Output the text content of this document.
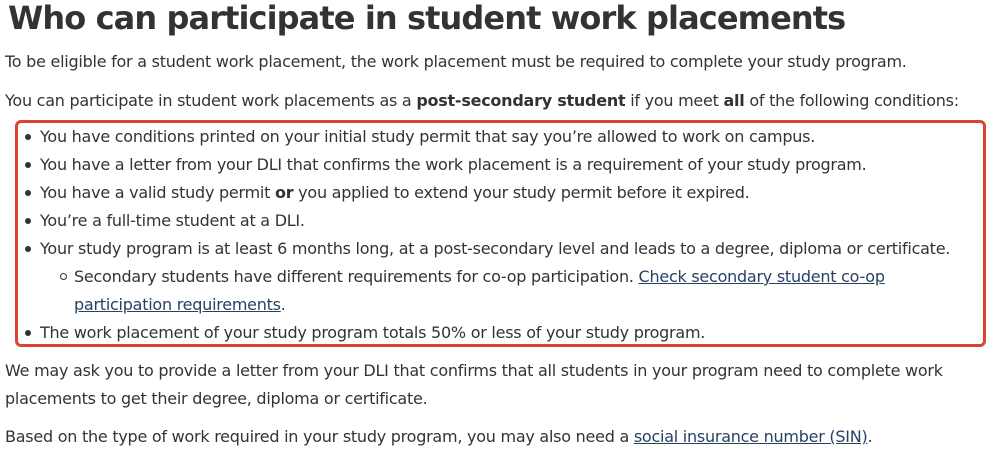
Who can participate in student work placements

To be eligible for a student work placement, the work placement must be required to complete your study program.

You can participate in student work placements as a post-secondary student if you meet all of the following conditions:

You have conditions printed on your initial study permit that say you’re allowed to work on campus.
You have a letter from your DLI that confirms the work placement is a requirement of your study program.
You have a valid study permit or you applied to extend your study permit before it expired.
You’re a full-time student at a DLI.
Your study program is at least 6 months long, at a post-secondary level and leads to a degree, diploma or certificate.
Secondary students have different requirements for co-op participation. Check secondary student co-op participation requirements.
The work placement of your study program totals 50% or less of your study program.

We may ask you to provide a letter from your DLI that confirms that all students in your program need to complete work placements to get their degree, diploma or certificate.

Based on the type of work required in your study program, you may also need a social insurance number (SIN).
